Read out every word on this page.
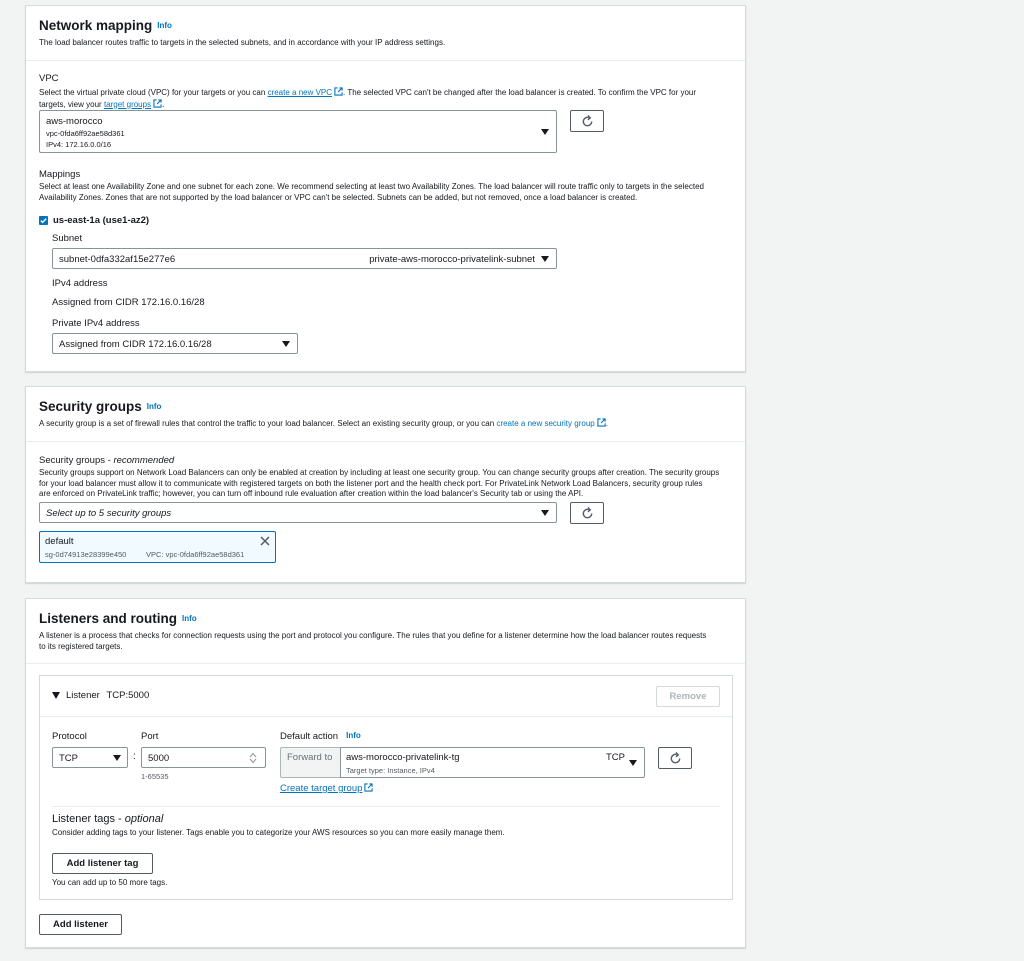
Network mapping Info
The load balancer routes traffic to targets in the selected subnets, and in accordance with your IP address settings.
VPC
Select the virtual private cloud (VPC) for your targets or you can create a new VPC . The selected VPC can't be changed after the load balancer is created. To confirm the VPC for your
targets, view your target groups .
aws-morocco
vpc-0fda6ff92ae58d361
IPv4: 172.16.0.0/16
Mappings
Select at least one Availability Zone and one subnet for each zone. We recommend selecting at least two Availability Zones. The load balancer will route traffic only to targets in the selected
Availability Zones. Zones that are not supported by the load balancer or VPC can't be selected. Subnets can be added, but not removed, once a load balancer is created.
us-east-1a (use1-az2)
Subnet
subnet-0dfa332af15e277e6	private-aws-morocco-privatelink-subnet
IPv4 address
Assigned from CIDR 172.16.0.16/28
Private IPv4 address
Assigned from CIDR 172.16.0.16/28
Security groups Info
A security group is a set of firewall rules that control the traffic to your load balancer. Select an existing security group, or you can create a new security group .
Security groups - recommended
Security groups support on Network Load Balancers can only be enabled at creation by including at least one security group. You can change security groups after creation. The security groups
for your load balancer must allow it to communicate with registered targets on both the listener port and the health check port. For PrivateLink Network Load Balancers, security group rules
are enforced on PrivateLink traffic; however, you can turn off inbound rule evaluation after creation within the load balancer's Security tab or using the API.
Select up to 5 security groups
default
sg-0d74913e28399e450	VPC: vpc-0fda6ff92ae58d361
Listeners and routing Info
A listener is a process that checks for connection requests using the port and protocol you configure. The rules that you define for a listener determine how the load balancer routes requests
to its registered targets.
Listener TCP:5000	Remove
Protocol
TCP	:
Port
5000
1-65535
Default action Info
Forward to aws-morocco-privatelink-tg
Target type: Instance, IPv4
TCP
Create target group
Listener tags - optional
Consider adding tags to your listener. Tags enable you to categorize your AWS resources so you can more easily manage them.
Add listener tag
You can add up to 50 more tags.
Add listener
